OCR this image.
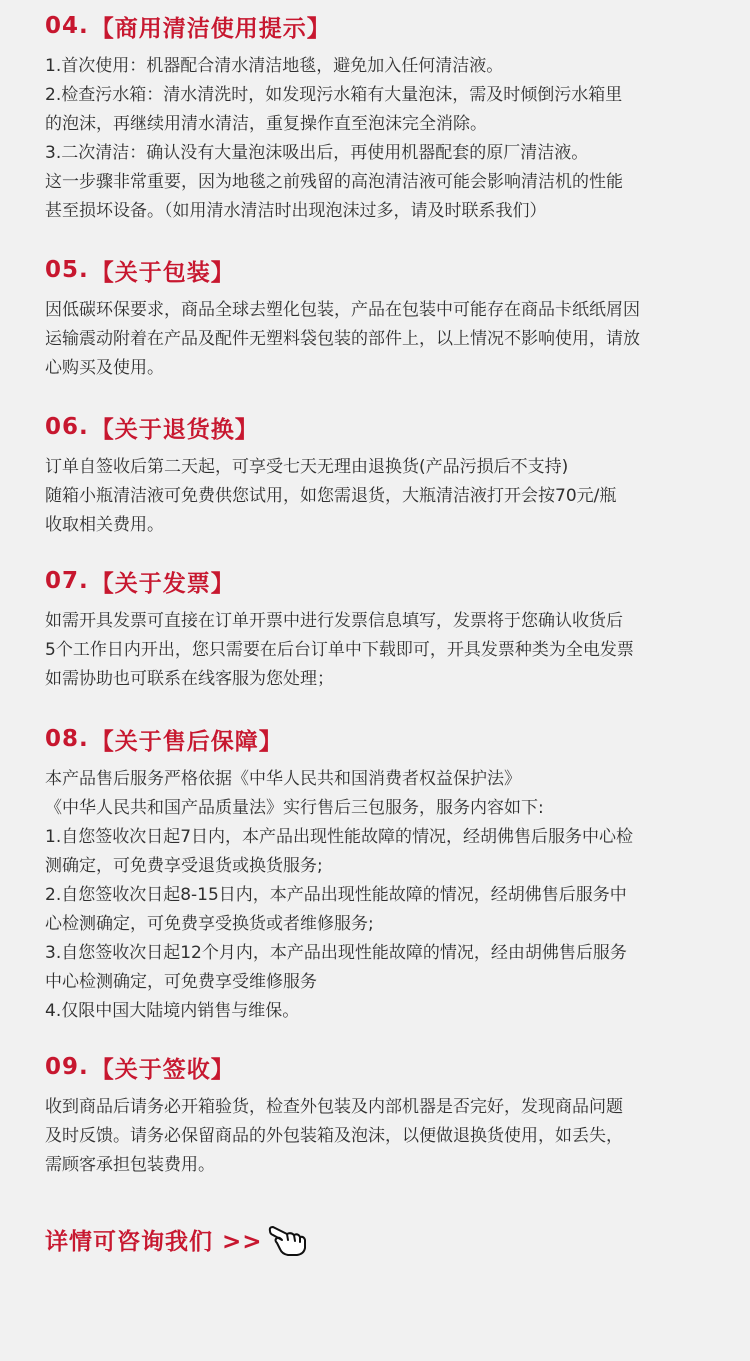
04. 【商用清洁使用提示】
1.首次使用：机器配合清水清洁地毯，避免加入任何清洁液。
2.检查污水箱：清水清洗时，如发现污水箱有大量泡沫，需及时倾倒污水箱里
的泡沫，再继续用清水清洁，重复操作直至泡沫完全消除。
3.二次清洁：确认没有大量泡沫吸出后，再使用机器配套的原厂清洁液。
这一步骤非常重要，因为地毯之前残留的高泡清洁液可能会影响清洁机的性能
甚至损坏设备。（如用清水清洁时出现泡沫过多，请及时联系我们）
05. 【关于包装】
因低碳环保要求，商品全球去塑化包装，产品在包装中可能存在商品卡纸纸屑因
运输震动附着在产品及配件无塑料袋包装的部件上，以上情况不影响使用，请放
心购买及使用。
06. 【关于退货换】
订单自签收后第二天起，可享受七天无理由退换货(产品污损后不支持)
随箱小瓶清洁液可免费供您试用，如您需退货，大瓶清洁液打开会按70元/瓶
收取相关费用。
07. 【关于发票】
如需开具发票可直接在订单开票中进行发票信息填写，发票将于您确认收货后
5个工作日内开出，您只需要在后台订单中下载即可，开具发票种类为全电发票
如需协助也可联系在线客服为您处理；
08. 【关于售后保障】
本产品售后服务严格依据《中华人民共和国消费者权益保护法》
《中华人民共和国产品质量法》实行售后三包服务，服务内容如下:
1.自您签收次日起7日内，本产品出现性能故障的情况，经胡佛售后服务中心检
测确定，可免费享受退货或换货服务;
2.自您签收次日起8-15日内，本产品出现性能故障的情况，经胡佛售后服务中
心检测确定，可免费享受换货或者维修服务;
3.自您签收次日起12个月内，本产品出现性能故障的情况，经由胡佛售后服务
中心检测确定，可免费享受维修服务
4.仅限中国大陆境内销售与维保。
09. 【关于签收】
收到商品后请务必开箱验货，检查外包装及内部机器是否完好，发现商品问题
及时反馈。请务必保留商品的外包装箱及泡沫，以便做退换货使用，如丢失，
需顾客承担包装费用。
详情可咨询我们 >>
